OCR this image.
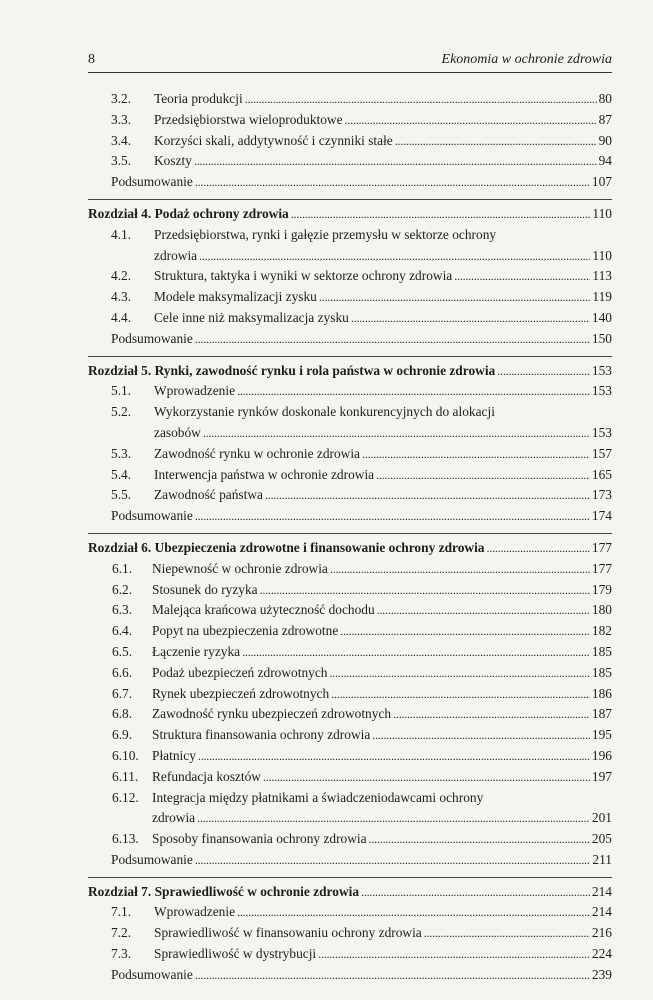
8	Ekonomia w ochronie zdrowia
3.2.	Teoria produkcji . . .	80
3.3.	Przedsiębiorstwa wieloproduktowe . . .	87
3.4.	Korzyści skali, addytywność i czynniki stałe . . .	90
3.5.	Koszty . . .	94
Podsumowanie . . .	107
Rozdział 4. Podaż ochrony zdrowia . . .	110
4.1.	Przedsiębiorstwa, rynki i gałęzie przemysłu w sektorze ochrony
zdrowia . . .	110
4.2.	Struktura, taktyka i wyniki w sektorze ochrony zdrowia . . .	113
4.3.	Modele maksymalizacji zysku . . .	119
4.4.	Cele inne niż maksymalizacja zysku . . .	140
Podsumowanie . . .	150
Rozdział 5. Rynki, zawodność rynku i rola państwa w ochronie zdrowia . . .	153
5.1.	Wprowadzenie . . .	153
5.2.	Wykorzystanie rynków doskonale konkurencyjnych do alokacji
zasobów . . .	153
5.3.	Zawodność rynku w ochronie zdrowia . . .	157
5.4.	Interwencja państwa w ochronie zdrowia . . .	165
5.5.	Zawodność państwa . . .	173
Podsumowanie . . .	174
Rozdział 6. Ubezpieczenia zdrowotne i finansowanie ochrony zdrowia . . .	177
6.1.	Niepewność w ochronie zdrowia . . .	177
6.2.	Stosunek do ryzyka . . .	179
6.3.	Malejąca krańcowa użyteczność dochodu . . .	180
6.4.	Popyt na ubezpieczenia zdrowotne . . .	182
6.5.	Łączenie ryzyka . . .	185
6.6.	Podaż ubezpieczeń zdrowotnych . . .	185
6.7.	Rynek ubezpieczeń zdrowotnych . . .	186
6.8.	Zawodność rynku ubezpieczeń zdrowotnych . . .	187
6.9.	Struktura finansowania ochrony zdrowia . . .	195
6.10. Płatnicy . . .	196
6.11.	Refundacja kosztów . . .	197
6.12. Integracja między płatnikami a świadczeniodawcami ochrony
zdrowia . . .	201
6.13. Sposoby finansowania ochrony zdrowia . . .	205
Podsumowanie . . .	211
Rozdział 7. Sprawiedliwość w ochronie zdrowia . . .	214
7.1.	Wprowadzenie . . .	214
7.2.	Sprawiedliwość w finansowaniu ochrony zdrowia . . .	216
7.3.	Sprawiedliwość w dystrybucji . . .	224
Podsumowanie . . .	239
